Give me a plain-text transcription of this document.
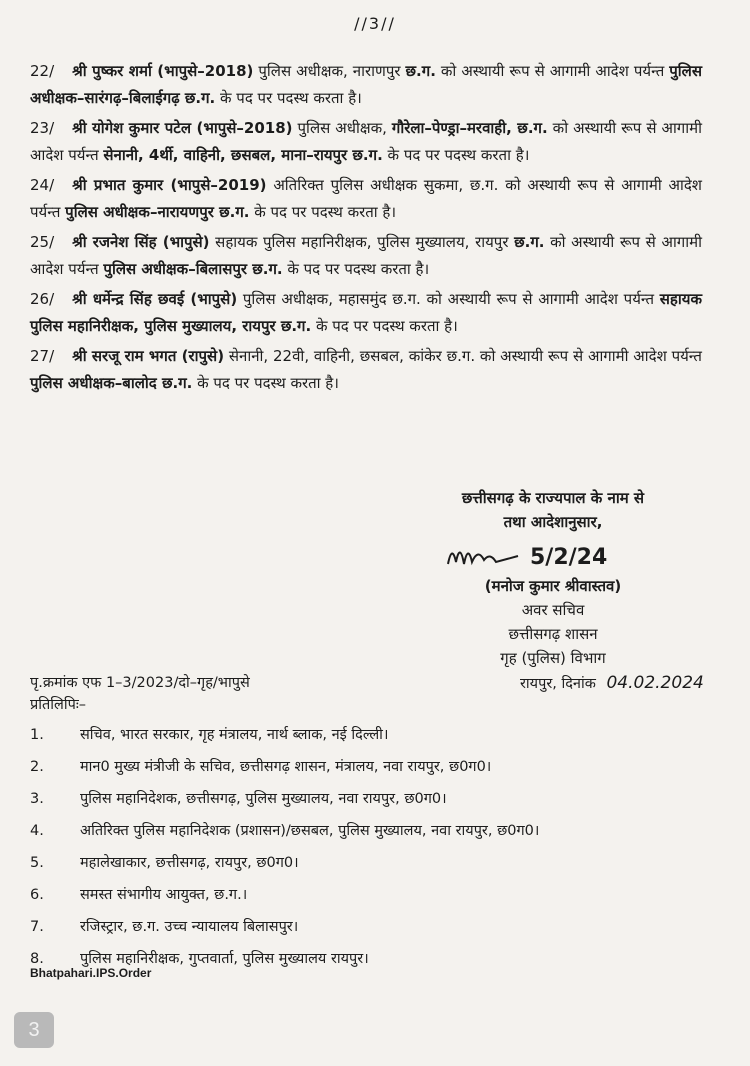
//3//
22/ श्री पुष्कर शर्मा (भापुसे–2018) पुलिस अधीक्षक, नाराणपुर छ.ग. को अस्थायी रूप से आगामी आदेश पर्यन्त पुलिस अधीक्षक–सारंगढ़–बिलाईगढ़ छ.ग. के पद पर पदस्थ करता है।
23/ श्री योगेश कुमार पटेल (भापुसे–2018) पुलिस अधीक्षक, गौरेला–पेण्ड्रा–मरवाही, छ.ग. को अस्थायी रूप से आगामी आदेश पर्यन्त सेनानी, 4र्थी, वाहिनी, छसबल, माना–रायपुर छ.ग. के पद पर पदस्थ करता है।
24/ श्री प्रभात कुमार (भापुसे–2019) अतिरिक्त पुलिस अधीक्षक सुकमा, छ.ग. को अस्थायी रूप से आगामी आदेश पर्यन्त पुलिस अधीक्षक–नारायणपुर छ.ग. के पद पर पदस्थ करता है।
25/ श्री रजनेश सिंह (भापुसे) सहायक पुलिस महानिरीक्षक, पुलिस मुख्यालय, रायपुर छ.ग. को अस्थायी रूप से आगामी आदेश पर्यन्त पुलिस अधीक्षक–बिलासपुर छ.ग. के पद पर पदस्थ करता है।
26/ श्री धर्मेन्द्र सिंह छवई (भापुसे) पुलिस अधीक्षक, महासमुंद छ.ग. को अस्थायी रूप से आगामी आदेश पर्यन्त सहायक पुलिस महानिरीक्षक, पुलिस मुख्यालय, रायपुर छ.ग. के पद पर पदस्थ करता है।
27/ श्री सरजू राम भगत (रापुसे) सेनानी, 22वी, वाहिनी, छसबल, कांकेर छ.ग. को अस्थायी रूप से आगामी आदेश पर्यन्त पुलिस अधीक्षक–बालोद छ.ग. के पद पर पदस्थ करता है।
छत्तीसगढ़ के राज्यपाल के नाम से
तथा आदेशानुसार,
5/2/24
(मनोज कुमार श्रीवास्तव)
अवर सचिव
छत्तीसगढ़ शासन
गृह (पुलिस) विभाग
पृ.क्रमांक एफ 1–3/2023/दो–गृह/भापुसे	रायपुर, दिनांक 04.02.2024
प्रतिलिपिः–
1.	सचिव, भारत सरकार, गृह मंत्रालय, नार्थ ब्लाक, नई दिल्ली।
2.	मान0 मुख्य मंत्रीजी के सचिव, छत्तीसगढ़ शासन, मंत्रालय, नवा रायपुर, छ0ग0।
3.	पुलिस महानिदेशक, छत्तीसगढ़, पुलिस मुख्यालय, नवा रायपुर, छ0ग0।
4.	अतिरिक्त पुलिस महानिदेशक (प्रशासन)/छसबल, पुलिस मुख्यालय, नवा रायपुर, छ0ग0।
5.	महालेखाकार, छत्तीसगढ़, रायपुर, छ0ग0।
6.	समस्त संभागीय आयुक्त, छ.ग.।
7.	रजिस्ट्रार, छ.ग. उच्च न्यायालय बिलासपुर।
8.	पुलिस महानिरीक्षक, गुप्तवार्ता, पुलिस मुख्यालय रायपुर।
Bhatpahari.IPS.Order
3
